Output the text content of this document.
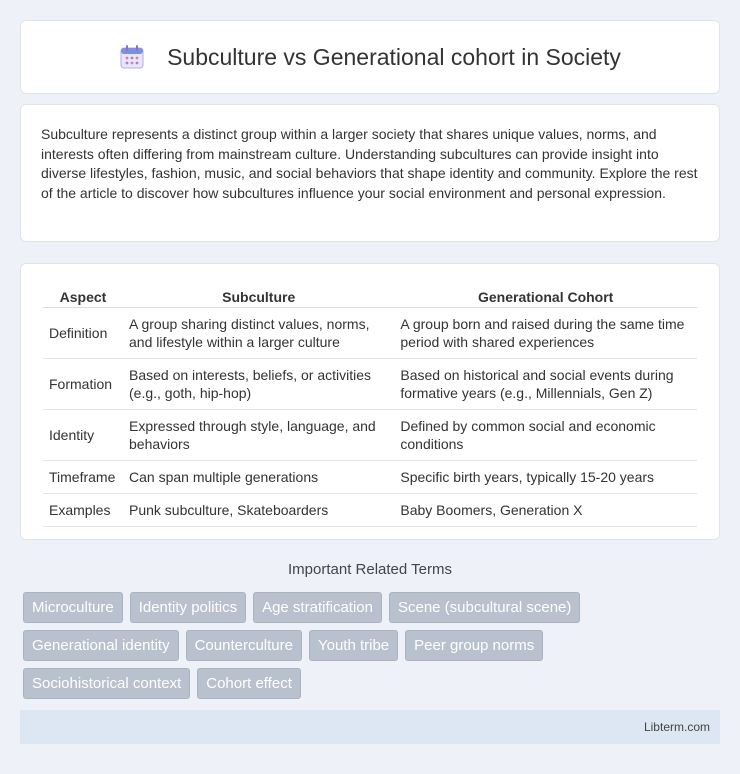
Subculture vs Generational cohort in Society

Subculture represents a distinct group within a larger society that shares unique values, norms, and interests often differing from mainstream culture. Understanding subcultures can provide insight into diverse lifestyles, fashion, music, and social behaviors that shape identity and community. Explore the rest of the article to discover how subcultures influence your social environment and personal expression.

Aspect	Subculture	Generational Cohort
Definition	A group sharing distinct values, norms, and lifestyle within a larger culture	A group born and raised during the same time period with shared experiences
Formation	Based on interests, beliefs, or activities (e.g., goth, hip-hop)	Based on historical and social events during formative years (e.g., Millennials, Gen Z)
Identity	Expressed through style, language, and behaviors	Defined by common social and economic conditions
Timeframe	Can span multiple generations	Specific birth years, typically 15-20 years
Examples	Punk subculture, Skateboarders	Baby Boomers, Generation X
Important Related Terms
Microculture	Identity politics	Age stratification	Scene (subcultural scene)
Generational identity	Counterculture	Youth tribe	Peer group norms
Sociohistorical context	Cohort effect
Libterm.com
